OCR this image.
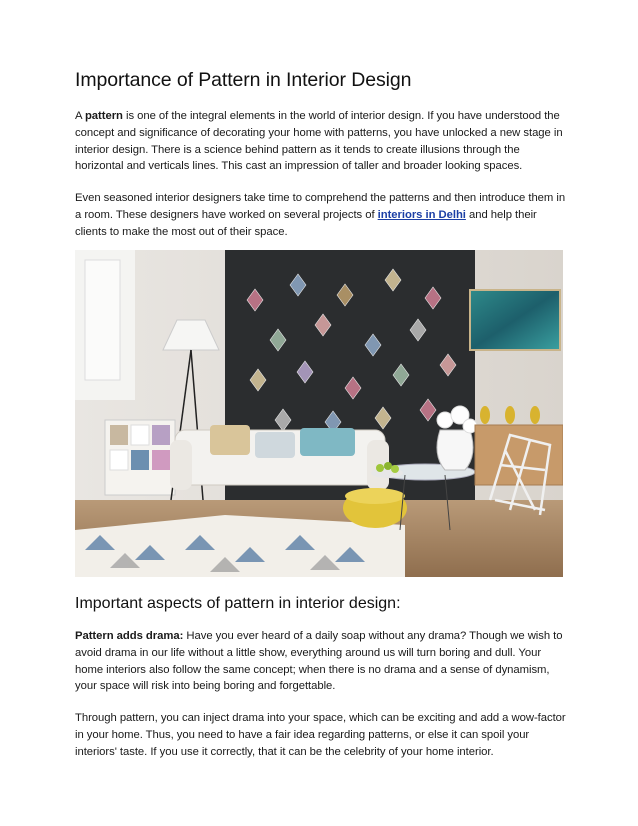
Importance of Pattern in Interior Design

A pattern is one of the integral elements in the world of interior design. If you have understood the concept and significance of decorating your home with patterns, you have unlocked a new stage in interior design. There is a science behind pattern as it tends to create illusions through the horizontal and verticals lines. This cast an impression of taller and broader looking spaces.

Even seasoned interior designers take time to comprehend the patterns and then introduce them in a room. These designers have worked on several projects of interiors in Delhi and help their clients to make the most out of their space.

Important aspects of pattern in interior design:

Pattern adds drama: Have you ever heard of a daily soap without any drama? Though we wish to avoid drama in our life without a little show, everything around us will turn boring and dull. Your home interiors also follow the same concept; when there is no drama and a sense of dynamism, your space will risk into being boring and forgettable.

Through pattern, you can inject drama into your space, which can be exciting and add a wow-factor in your home. Thus, you need to have a fair idea regarding patterns, or else it can spoil your interiors' taste. If you use it correctly, that it can be the celebrity of your home interior.
